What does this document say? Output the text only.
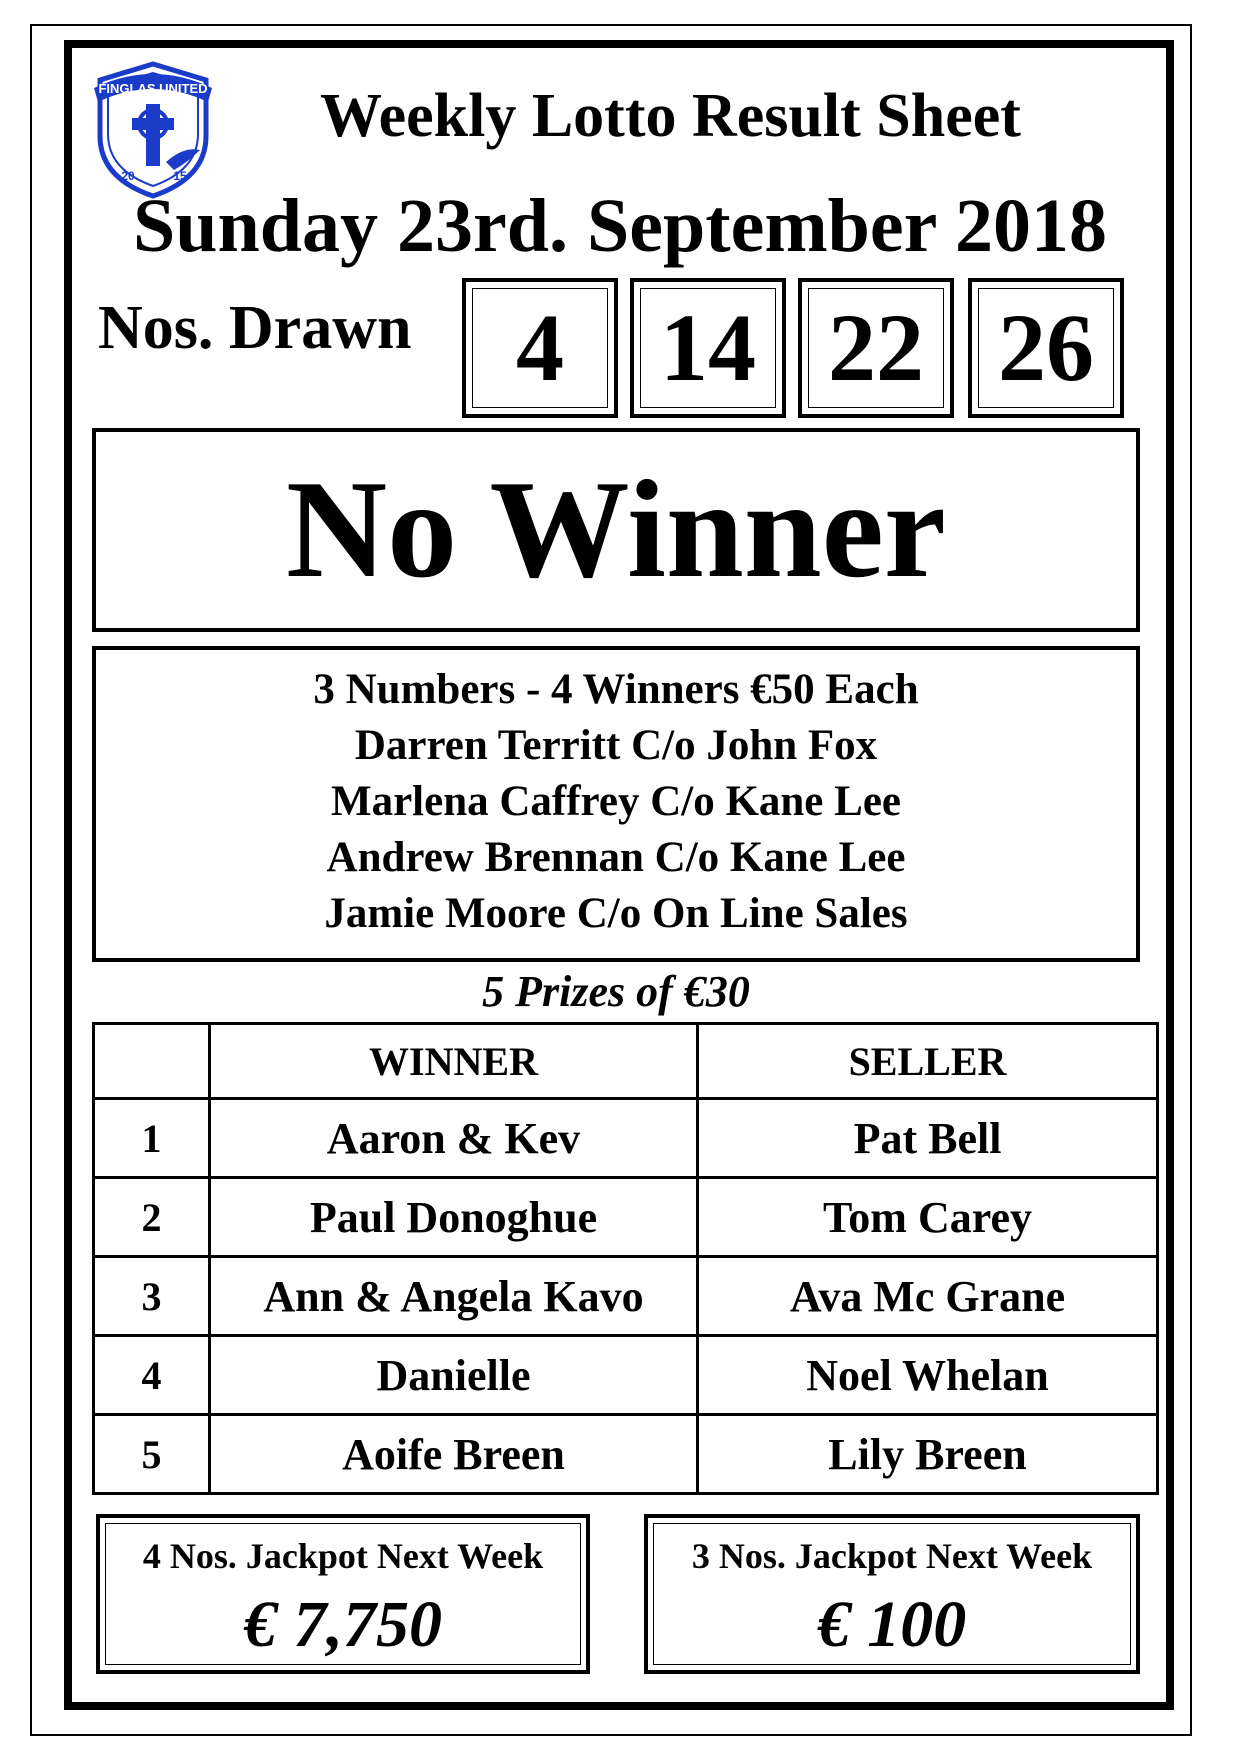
FINGLAS UNITED
20	15
Weekly Lotto Result Sheet
Sunday 23rd. September 2018
Nos. Drawn	4	14 22 26
No Winner
3 Numbers - 4 Winners €50 Each
Darren Territt C/o John Fox
Marlena Caffrey C/o Kane Lee
Andrew Brennan C/o Kane Lee
Jamie Moore C/o On Line Sales
5 Prizes of €30
	WINNER	SELLER
1	Aaron & Kev	Pat Bell
2	Paul Donoghue	Tom Carey
3	Ann & Angela Kavo	Ava Mc Grane
4	Danielle	Noel Whelan
5	Aoife Breen	Lily Breen
4 Nos. Jackpot Next Week
€ 7,750
3 Nos. Jackpot Next Week
€ 100
